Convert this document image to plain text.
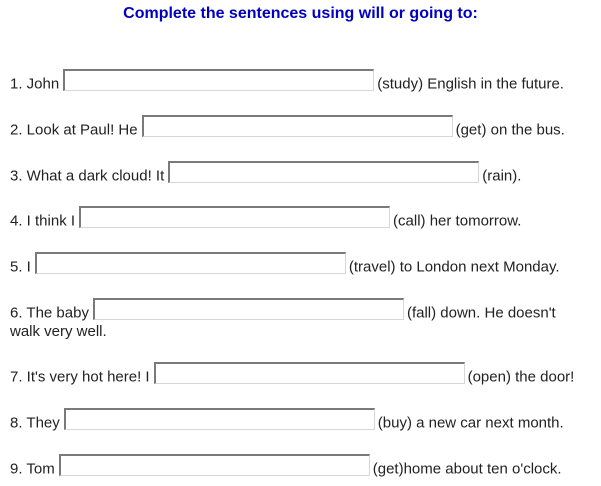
Complete the sentences using will or going to:
1. John	(study) English in the future.
2. Look at Paul! He	(get) on the bus.
3. What a dark cloud! It	(rain).
4. I think I	(call) her tomorrow.
5. I	(travel) to London next Monday.
6. The baby	(fall) down. He doesn't
walk very well.
7. It's very hot here! I	(open) the door!
8. They	(buy) a new car next month.
9. Tom	(get)home about ten o'clock.
